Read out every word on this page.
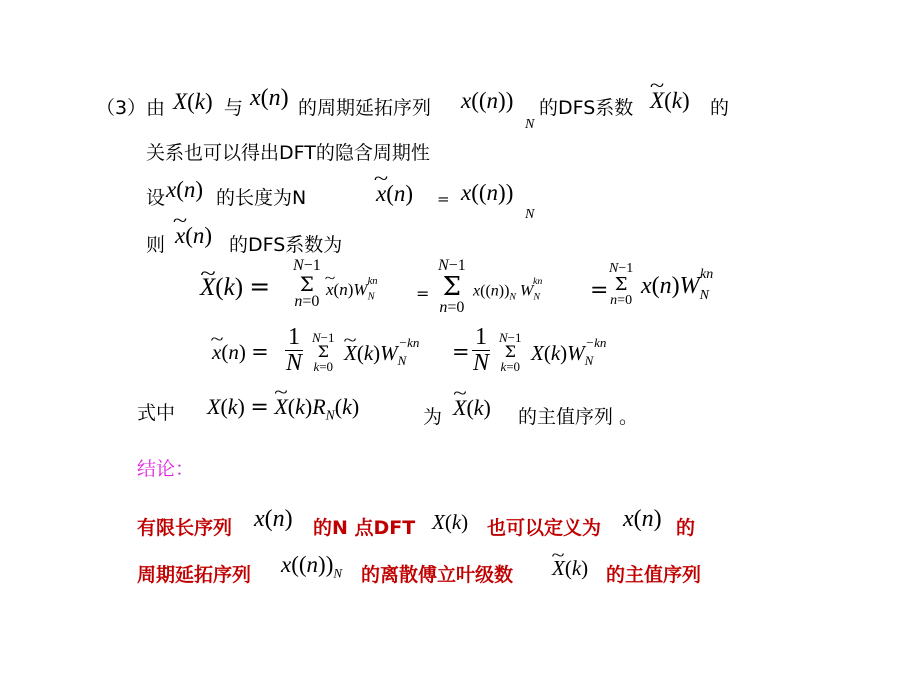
（3） 由 X(k) 与 x(n) 的周期延拓序列 x((n))
N
的DFS系数 ~ X(k) 的
关系也可以得出DFT的隐含周期性
设 x(n) 的长度为N	~ x(n) = x((n))
N
则 ~ x(n) 的DFS系数为
~ X(k) =
N−1
Σ
n=0
~ $x(n)W_N^{kn}$
=
N−1
Σ
n=0
$x((n))_N$ $W_N^{kn}$	=
N−1
Σ
n=0
$x(n)W_N^{kn}$
~ $x(n) = \frac{1}{N} N-1$
Σ
k=0
~ $X(k)W_N^{-kn}$	= $\frac{1}{N} N-1$
Σ
k=0
$X(k)W_N^{-kn}$
式中 X(k) = ~ $X(k)R_N(k)$	为 ~ X(k) 的主值序列 。
结论：
有限长序列 x(n) 的N 点DFT X(k) 也可以定义为 x(n) 的
周期延拓序列 $x((n))_N$ 的离散傅立叶级数 ~ X(k) 的主值序列
